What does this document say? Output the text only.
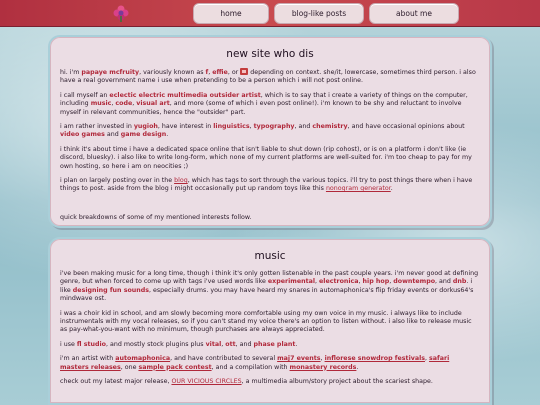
home	blog-like posts	about me
new site who dis

hi. i'm papaye mcfruity, variously known as f, effie, or  depending on context. she/it, lowercase, sometimes third person. i also have a real government name i use when pretending to be a person which i will not post online.

i call myself an eclectic electric multimedia outsider artist, which is to say that i create a variety of things on the computer, including music, code, visual art, and more (some of which i even post online!). i'm known to be shy and reluctant to involve myself in relevant communities, hence the "outsider" part.

i am rather invested in yugioh, have interest in linguistics, typography, and chemistry, and have occasional opinions about video games and game design.

i think it's about time i have a dedicated space online that isn't liable to shut down (rip cohost), or is on a platform i don't like (ie discord, bluesky). i also like to write long-form, which none of my current platforms are well-suited for. i'm too cheap to pay for my own hosting, so here i am on neocities ;)

i plan on largely posting over in the blog, which has tags to sort through the various topics. i'll try to post things there when i have things to post. aside from the blog i might occasionally put up random toys like this nonogram generator.

quick breakdowns of some of my mentioned interests follow.

music

i've been making music for a long time, though i think it's only gotten listenable in the past couple years. i'm never good at defining genre, but when forced to come up with tags i've used words like experimental, electronica, hip hop, downtempo, and dnb. i like designing fun sounds, especially drums. you may have heard my snares in automaphonica's flip friday events or dorkus64's mindwave ost.

i was a choir kid in school, and am slowly becoming more comfortable using my own voice in my music. i always like to include instrumentals with my vocal releases, so if you can't stand my voice there's an option to listen without. i also like to release music as pay-what-you-want with no minimum, though purchases are always appreciated.

i use fl studio, and mostly stock plugins plus vital, ott, and phase plant.

i'm an artist with automaphonica, and have contributed to several maj7 events, inflorese snowdrop festivals, safari masters releases, one sample pack contest, and a compilation with monastery records.

check out my latest major release, OUR VICIOUS CIRCLES, a multimedia album/story project about the scariest shape.
